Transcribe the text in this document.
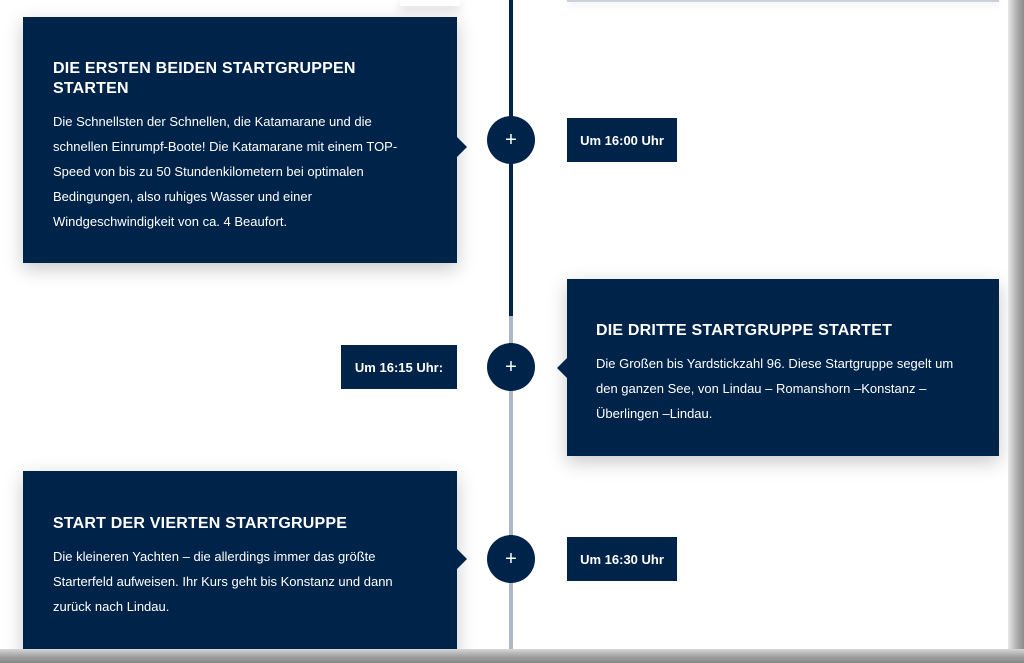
DIE ERSTEN BEIDEN STARTGRUPPEN STARTEN

Die Schnellsten der Schnellen, die Katamarane und die schnellen Einrumpf-Boote! Die Katamarane mit einem TOP-Speed von bis zu 50 Stundenkilometern bei optimalen Bedingungen, also ruhiges Wasser und einer Windgeschwindigkeit von ca. 4 Beaufort.

+	Um 16:00 Uhr
Um 16:15 Uhr:	+
DIE DRITTE STARTGRUPPE STARTET

Die Großen bis Yardstickzahl 96. Diese Startgruppe segelt um den ganzen See, von Lindau – Romanshorn –Konstanz –Überlingen –Lindau.

START DER VIERTEN STARTGRUPPE

Die kleineren Yachten – die allerdings immer das größte Starterfeld aufweisen. Ihr Kurs geht bis Konstanz und dann zurück nach Lindau.

+	Um 16:30 Uhr
